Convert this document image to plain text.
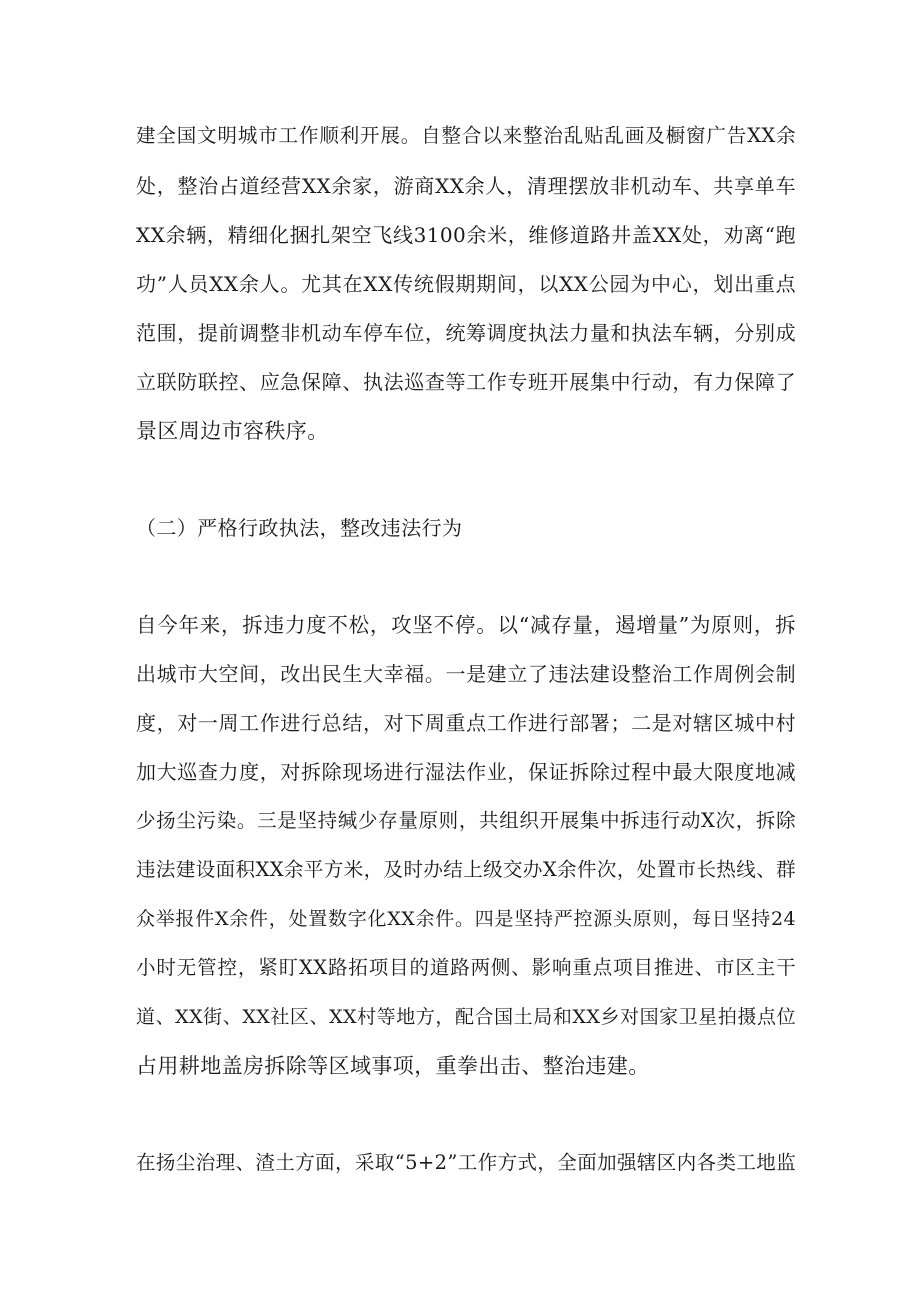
建全国文明城市工作顺利开展。自整合以来整治乱贴乱画及橱窗广告XX余

处，整治占道经营XX余家，游商XX余人，清理摆放非机动车、共享单车

XX余辆，精细化捆扎架空飞线3100余米，维修道路井盖XX处，劝离“跑

功”人员XX余人。尤其在XX传统假期期间，以XX公园为中心，划出重点

范围，提前调整非机动车停车位，统筹调度执法力量和执法车辆，分别成

立联防联控、应急保障、执法巡查等工作专班开展集中行动，有力保障了

景区周边市容秩序。

（二）严格行政执法，整改违法行为

自今年来，拆违力度不松，攻坚不停。以“减存量，遏增量”为原则，拆

出城市大空间，改出民生大幸福。一是建立了违法建设整治工作周例会制

度，对一周工作进行总结，对下周重点工作进行部署；二是对辖区城中村

加大巡查力度，对拆除现场进行湿法作业，保证拆除过程中最大限度地减

少扬尘污染。三是坚持缄少存量原则，共组织开展集中拆违行动X次，拆除

违法建设面积XX余平方米，及时办结上级交办X余件次，处置市长热线、群

众举报件X余件，处置数字化XX余件。四是坚持严控源头原则，每日坚持24

小时无管控，紧盯XX路拓项目的道路两侧、影响重点项目推进、市区主干

道、XX街、XX社区、XX村等地方，配合国土局和XX乡对国家卫星拍摄点位

占用耕地盖房拆除等区域事项，重拳出击、整治违建。

在扬尘治理、渣土方面，采取“5+2”工作方式，全面加强辖区内各类工地监
